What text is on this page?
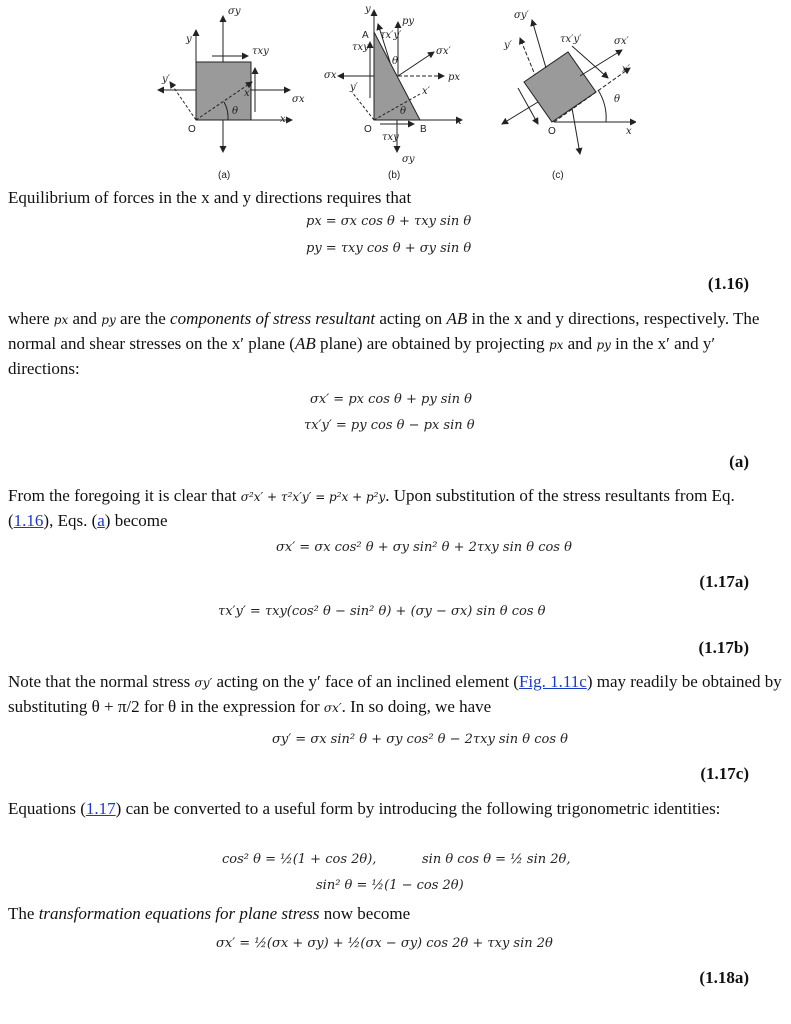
σy
τxy
σx
θ
x
y
x′
y′
O
(a)
y
A
py
τx′y′
τxy
σx
σx′
px
y′	x′
θ
θ
O
τxy
B
x
σy
(b)
σy′
τx′y′	σx′
y′
x′
θ
O	x
(c)
Equilibrium of forces in the x and y directions requires that
px = σx cos θ + τxy sin θ
py = τxy cos θ + σy sin θ
(1.16)
where px and py are the components of stress resultant acting on AB in the x and y directions, respectively. The normal and shear stresses on the x′ plane (AB plane) are obtained by projecting px and py in the x′ and y′ directions:
σx′ = px cos θ + py sin θ
τx′y′ = py cos θ − px sin θ
(a)
From the foregoing it is clear that σ²x′ + τ²x′y′ = p²x + p²y. Upon substitution of the stress resultants from Eq. (1.16), Eqs. (a) become
σx′ = σx cos² θ + σy sin² θ + 2τxy sin θ cos θ
(1.17a)
τx′y′ = τxy(cos² θ − sin² θ) + (σy − σx) sin θ cos θ
(1.17b)
Note that the normal stress σy′ acting on the y′ face of an inclined element (Fig. 1.11c) may readily be obtained by substituting θ + π/2 for θ in the expression for σx′. In so doing, we have
σy′ = σx sin² θ + σy cos² θ − 2τxy sin θ cos θ
(1.17c)
Equations (1.17) can be converted to a useful form by introducing the following trigonometric identities:
cos² θ = ½(1 + cos 2θ),	sin θ cos θ = ½ sin 2θ,
sin² θ = ½(1 − cos 2θ)
The transformation equations for plane stress now become
σx′ = ½(σx + σy) + ½(σx − σy) cos 2θ + τxy sin 2θ
(1.18a)
